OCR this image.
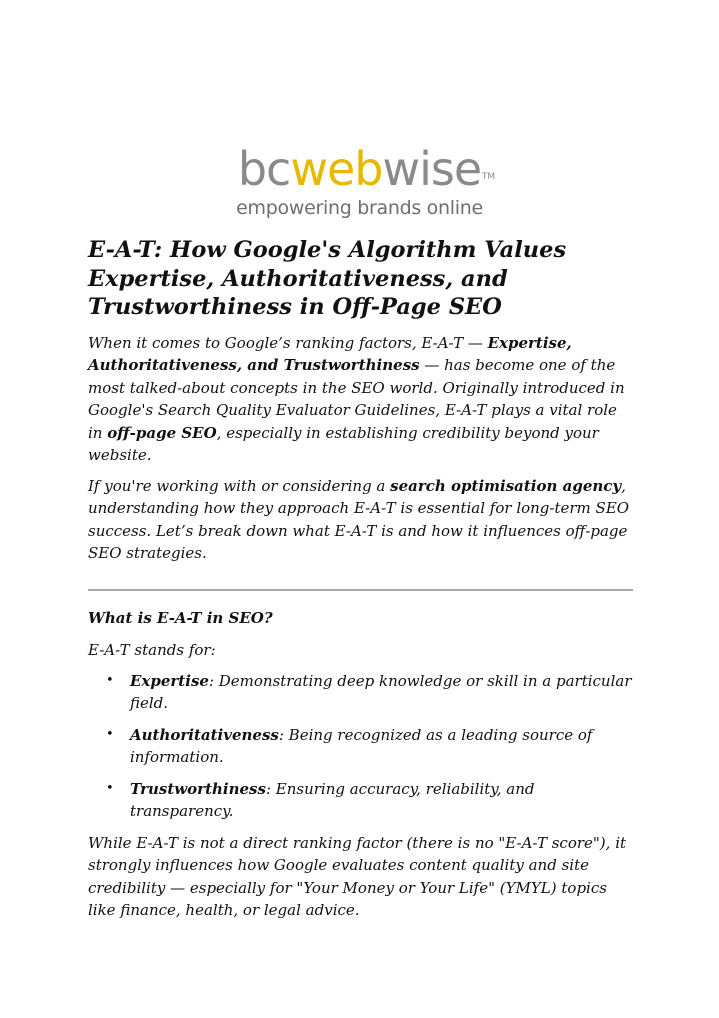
bcwebwise TM
empowering brands online
E-A-T: How Google's Algorithm Values Expertise, Authoritativeness, and Trustworthiness in Off-Page SEO

When it comes to Google’s ranking factors, E-A-T — Expertise, Authoritativeness, and Trustworthiness — has become one of the most talked-about concepts in the SEO world. Originally introduced in Google's Search Quality Evaluator Guidelines, E-A-T plays a vital role in off-page SEO, especially in establishing credibility beyond your website.

If you're working with or considering a search optimisation agency, understanding how they approach E-A-T is essential for long-term SEO success. Let’s break down what E-A-T is and how it influences off-page SEO strategies.

What is E-A-T in SEO?

E-A-T stands for:

• Expertise: Demonstrating deep knowledge or skill in a particular field.
• Authoritativeness: Being recognized as a leading source of information.
• Trustworthiness: Ensuring accuracy, reliability, and transparency.

While E-A-T is not a direct ranking factor (there is no "E-A-T score"), it strongly influences how Google evaluates content quality and site credibility — especially for "Your Money or Your Life" (YMYL) topics like finance, health, or legal advice.
